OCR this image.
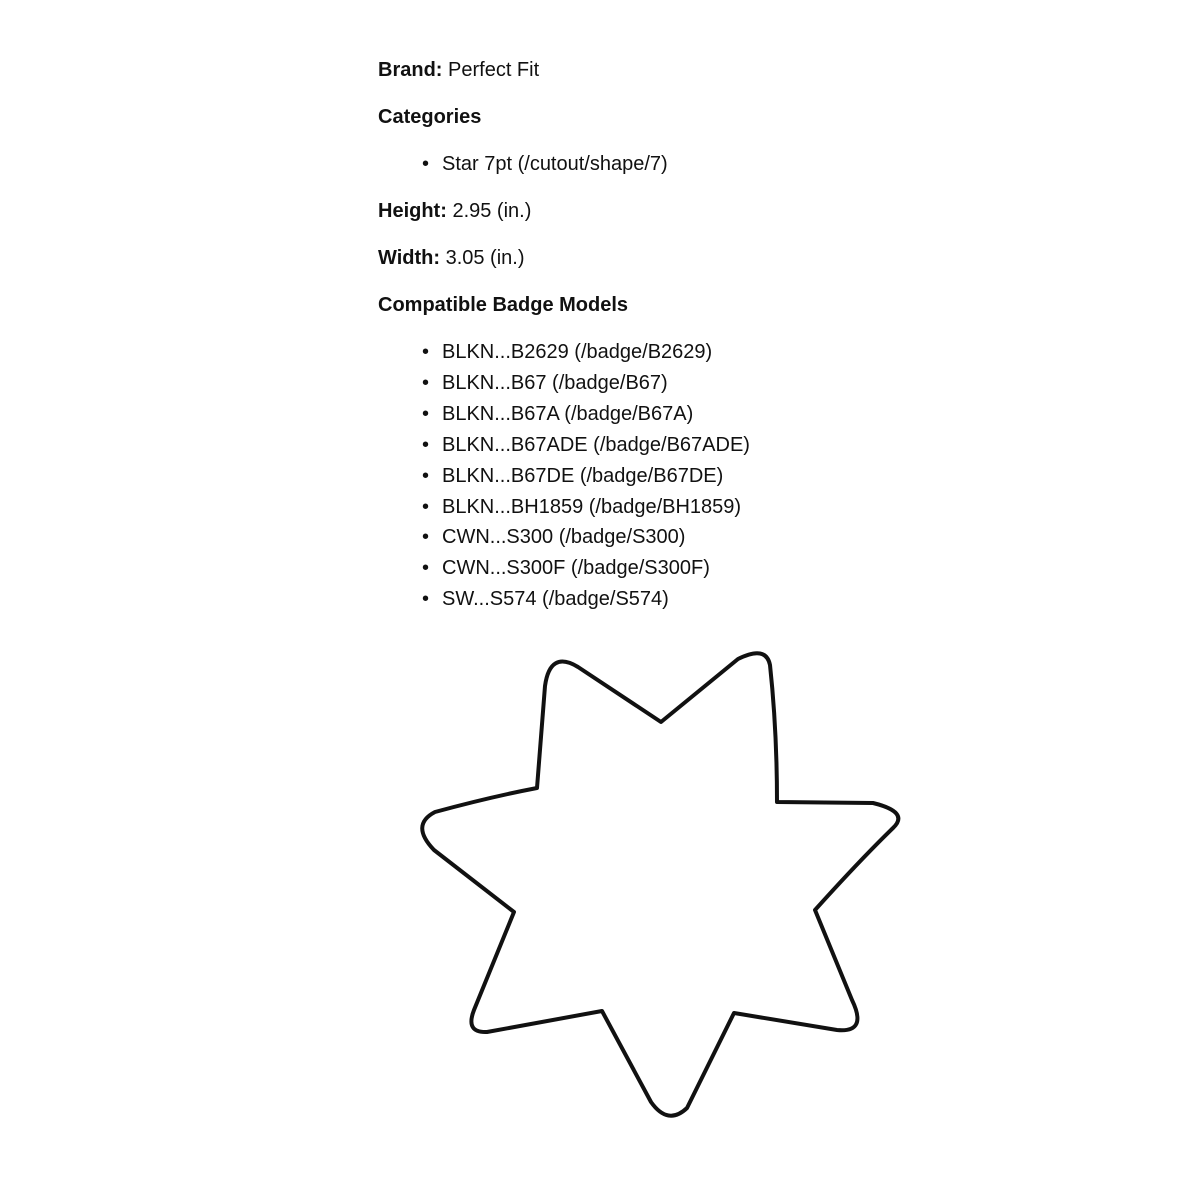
Brand: Perfect Fit

Categories

• Star 7pt (/cutout/shape/7)

Height: 2.95 (in.)

Width: 3.05 (in.)

Compatible Badge Models

• BLKN...B2629 (/badge/B2629)
• BLKN...B67 (/badge/B67)
• BLKN...B67A (/badge/B67A)
• BLKN...B67ADE (/badge/B67ADE)
• BLKN...B67DE (/badge/B67DE)
• BLKN...BH1859 (/badge/BH1859)
• CWN...S300 (/badge/S300)
• CWN...S300F (/badge/S300F)
• SW...S574 (/badge/S574)
